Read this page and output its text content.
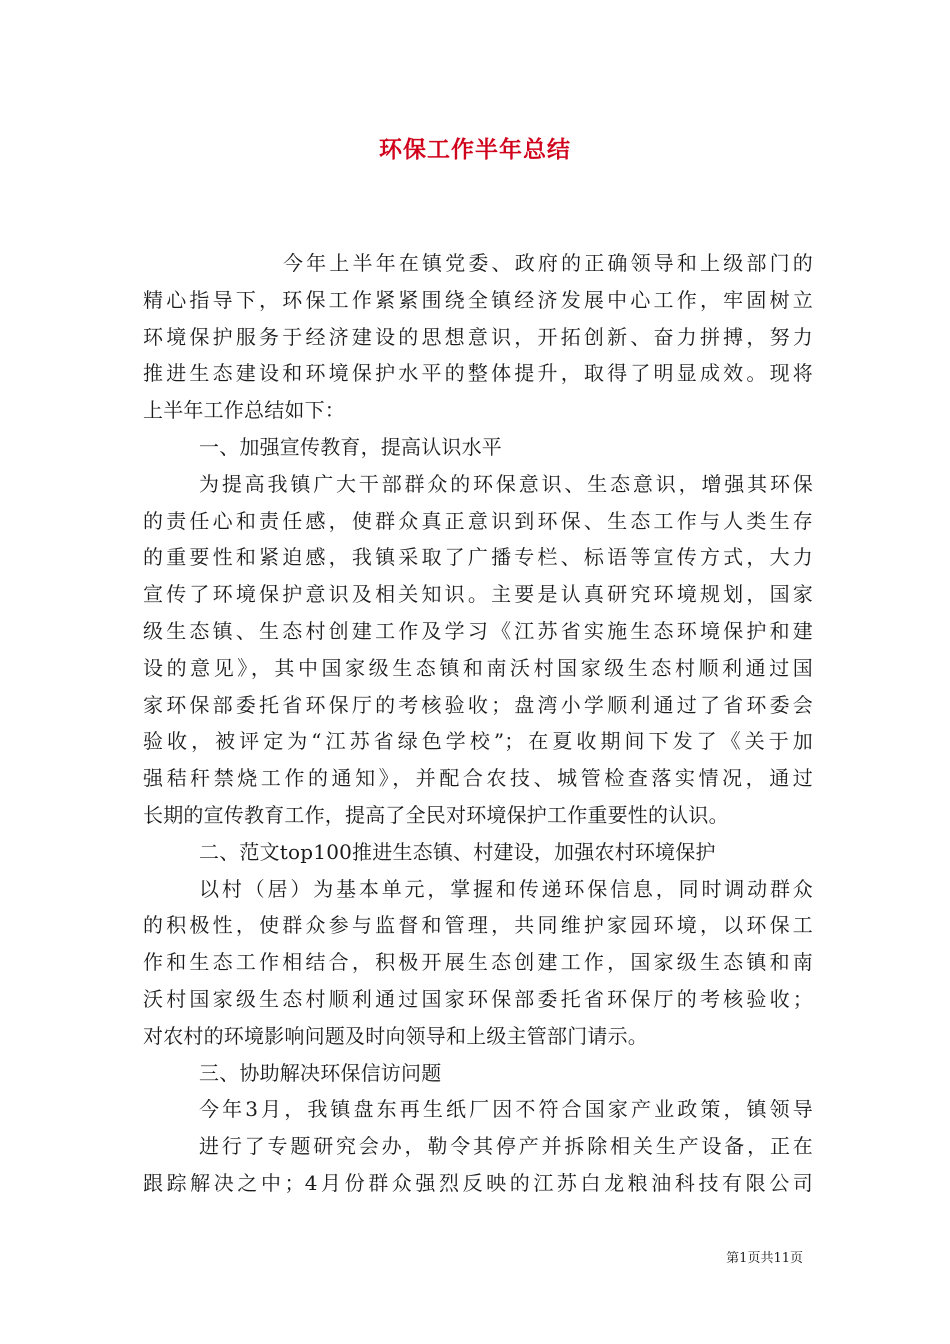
环保工作半年总结
今年上半年在镇党委、政府的正确领导和上级部门的
精心指导下，环保工作紧紧围绕全镇经济发展中心工作，牢固树立
环境保护服务于经济建设的思想意识，开拓创新、奋力拼搏，努力
推进生态建设和环境保护水平的整体提升，取得了明显成效。现将
上半年工作总结如下：
一、加强宣传教育，提高认识水平
为提高我镇广大干部群众的环保意识、生态意识，增强其环保
的责任心和责任感，使群众真正意识到环保、生态工作与人类生存
的重要性和紧迫感，我镇采取了广播专栏、标语等宣传方式，大力
宣传了环境保护意识及相关知识。主要是认真研究环境规划，国家
级生态镇、生态村创建工作及学习《江苏省实施生态环境保护和建
设的意见》，其中国家级生态镇和南沃村国家级生态村顺利通过国
家环保部委托省环保厅的考核验收；盘湾小学顺利通过了省环委会
验收，被评定为“江苏省绿色学校”；在夏收期间下发了《关于加
强秸秆禁烧工作的通知》，并配合农技、城管检查落实情况，通过
长期的宣传教育工作，提高了全民对环境保护工作重要性的认识。
二、范文top100推进生态镇、村建设，加强农村环境保护
以村（居）为基本单元，掌握和传递环保信息，同时调动群众
的积极性，使群众参与监督和管理，共同维护家园环境，以环保工
作和生态工作相结合，积极开展生态创建工作，国家级生态镇和南
沃村国家级生态村顺利通过国家环保部委托省环保厅的考核验收；
对农村的环境影响问题及时向领导和上级主管部门请示。
三、协助解决环保信访问题
今年3月，我镇盘东再生纸厂因不符合国家产业政策，镇领导
进行了专题研究会办，勒令其停产并拆除相关生产设备，正在
跟踪解决之中；4月份群众强烈反映的江苏白龙粮油科技有限公司
第1页共11页
